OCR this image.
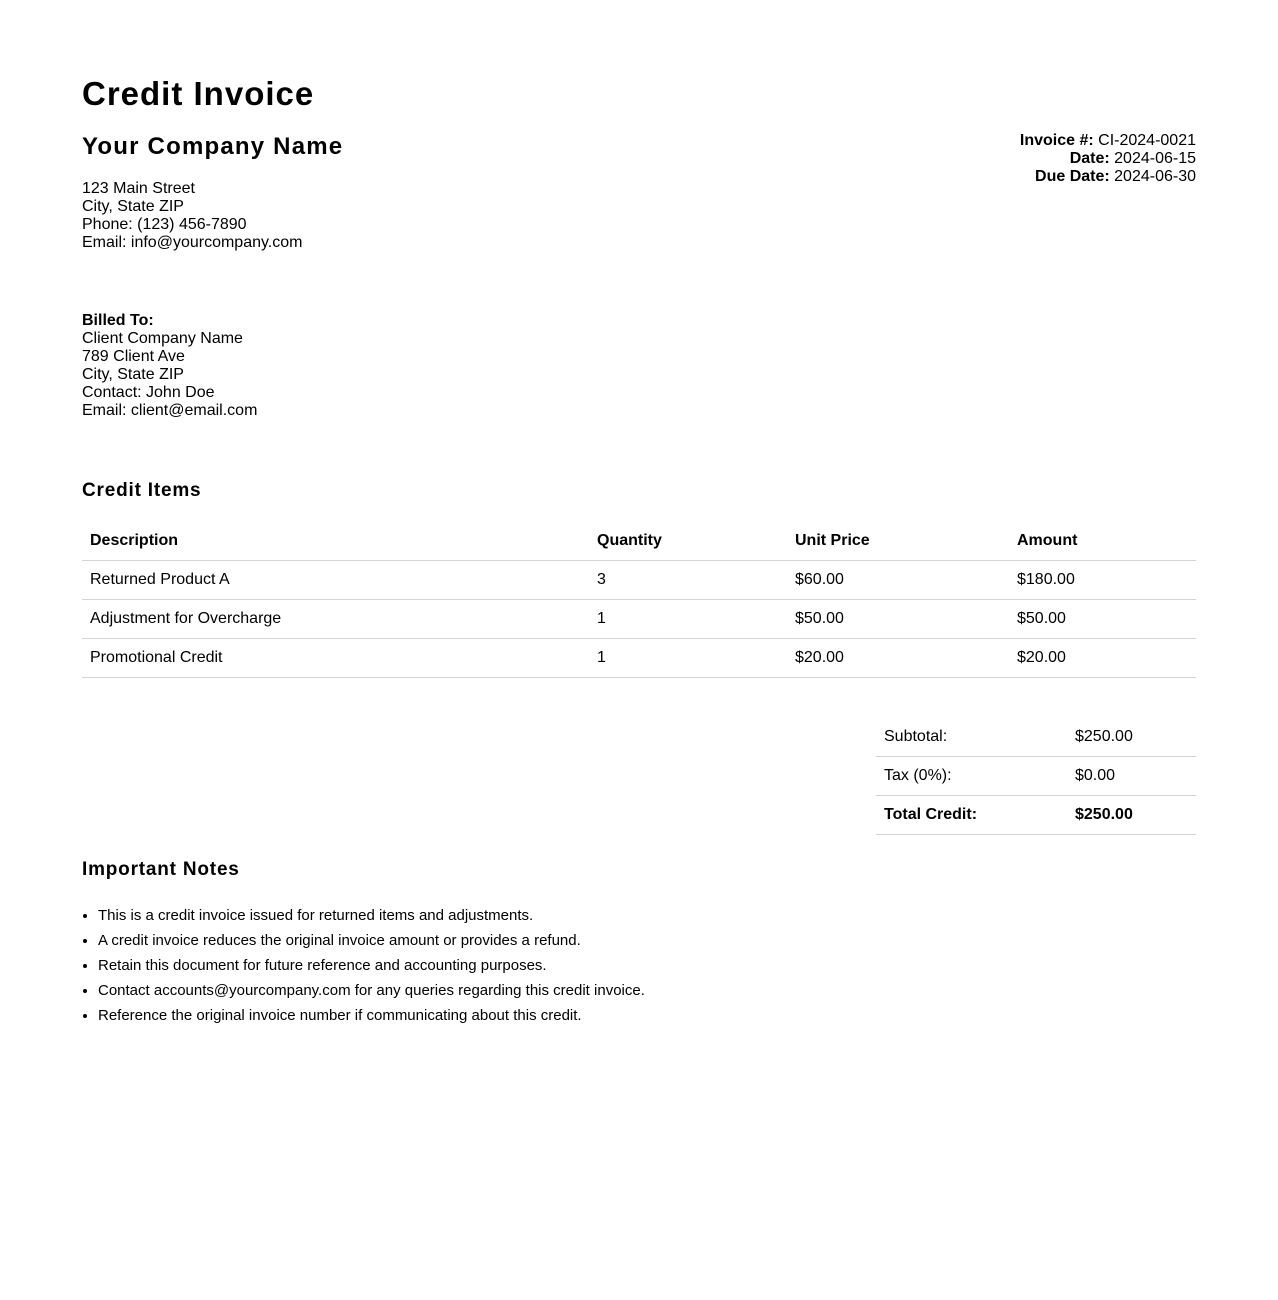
Credit Invoice
Your Company Name
123 Main Street
City, State ZIP
Phone: (123) 456-7890
Email: info@yourcompany.com
Invoice #: CI-2024-0021
Date: 2024-06-15
Due Date: 2024-06-30
Billed To:
Client Company Name
789 Client Ave
City, State ZIP
Contact: John Doe
Email: client@email.com
Credit Items
Description	Quantity	Unit Price	Amount
Returned Product A	3	$60.00	$180.00
Adjustment for Overcharge	1	$50.00	$50.00
Promotional Credit	1	$20.00	$20.00
Subtotal:	$250.00
Tax (0%):	$0.00
Total Credit:	$250.00
Important Notes
• This is a credit invoice issued for returned items and adjustments.
• A credit invoice reduces the original invoice amount or provides a refund.
• Retain this document for future reference and accounting purposes.
• Contact accounts@yourcompany.com for any queries regarding this credit invoice.
• Reference the original invoice number if communicating about this credit.
